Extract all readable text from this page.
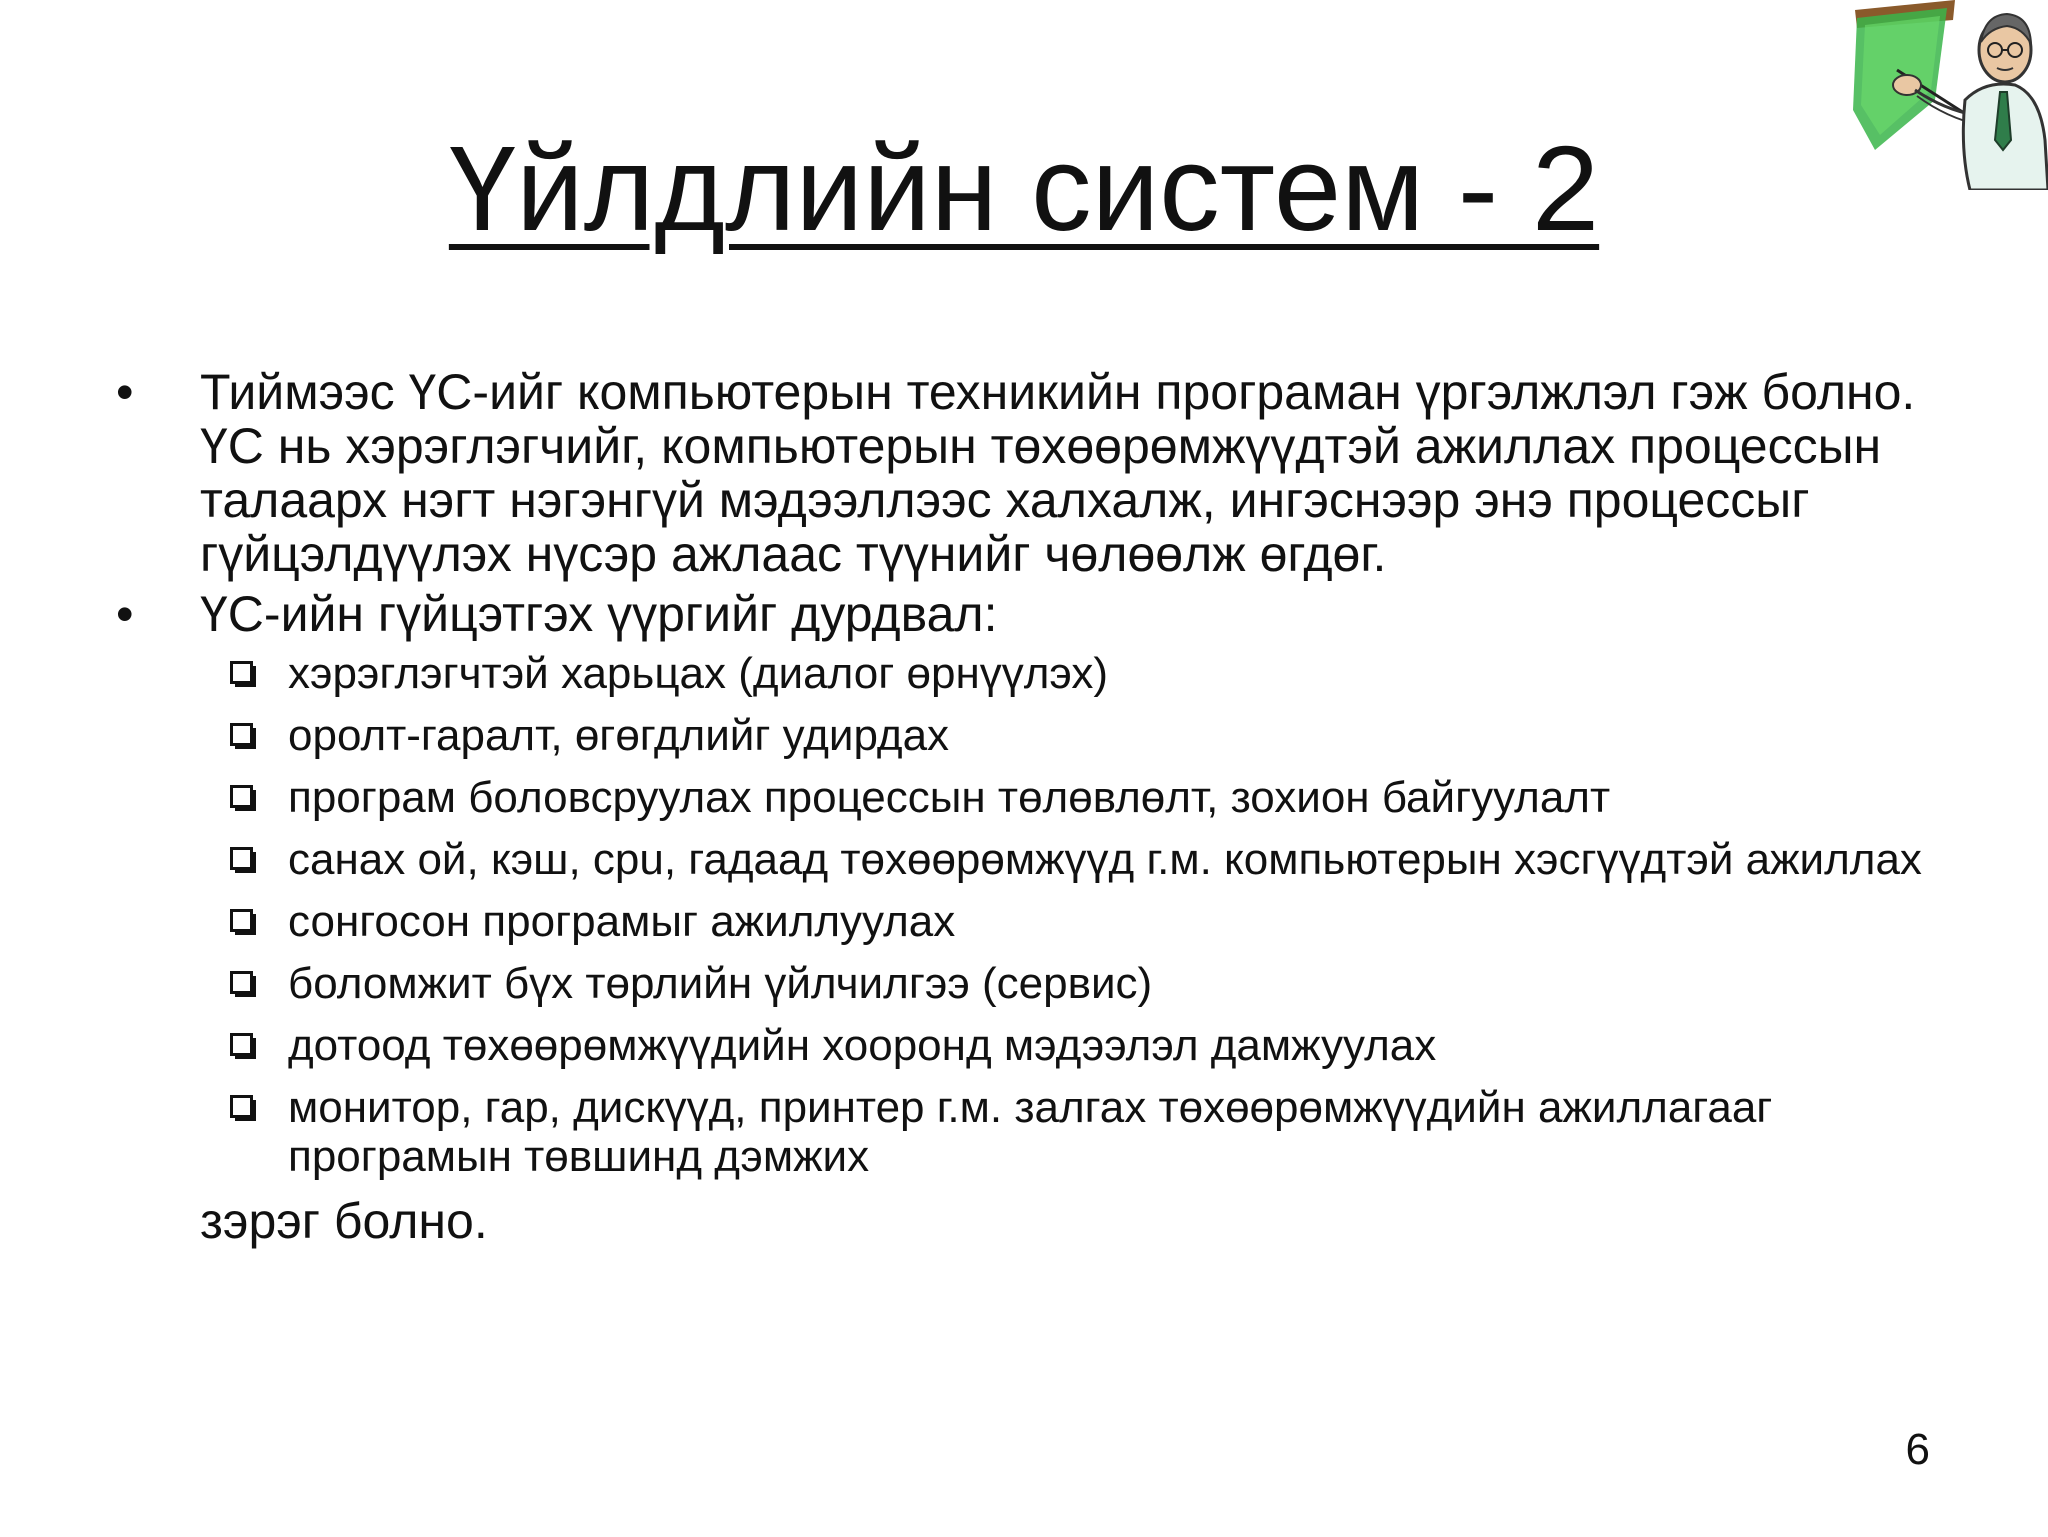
Үйлдлийн систем - 2
• Тиймээс ҮС-ийг компьютерын техникийн програман үргэлжлэл гэж болно. ҮС нь хэрэглэгчийг, компьютерын төхөөрөмжүүдтэй ажиллах процессын талаарх нэгт нэгэнгүй мэдээллээс халхалж, ингэснээр энэ процессыг гүйцэлдүүлэх нүсэр ажлаас түүнийг чөлөөлж өгдөг.
• ҮС-ийн гүйцэтгэх үүргийг дурдвал:
хэрэглэгчтэй харьцах (диалог өрнүүлэх)
оролт-гаралт, өгөгдлийг удирдах
програм боловсруулах процессын төлөвлөлт, зохион байгуулалт
санах ой, кэш, cpu, гадаад төхөөрөмжүүд г.м. компьютерын хэсгүүдтэй ажиллах
сонгосон програмыг ажиллуулах
боломжит бүх төрлийн үйлчилгээ (сервис)
дотоод төхөөрөмжүүдийн хооронд мэдээлэл дамжуулах
монитор, гар, дискүүд, принтер г.м. залгах төхөөрөмжүүдийн ажиллагааг програмын төвшинд дэмжих
зэрэг болно.
6
